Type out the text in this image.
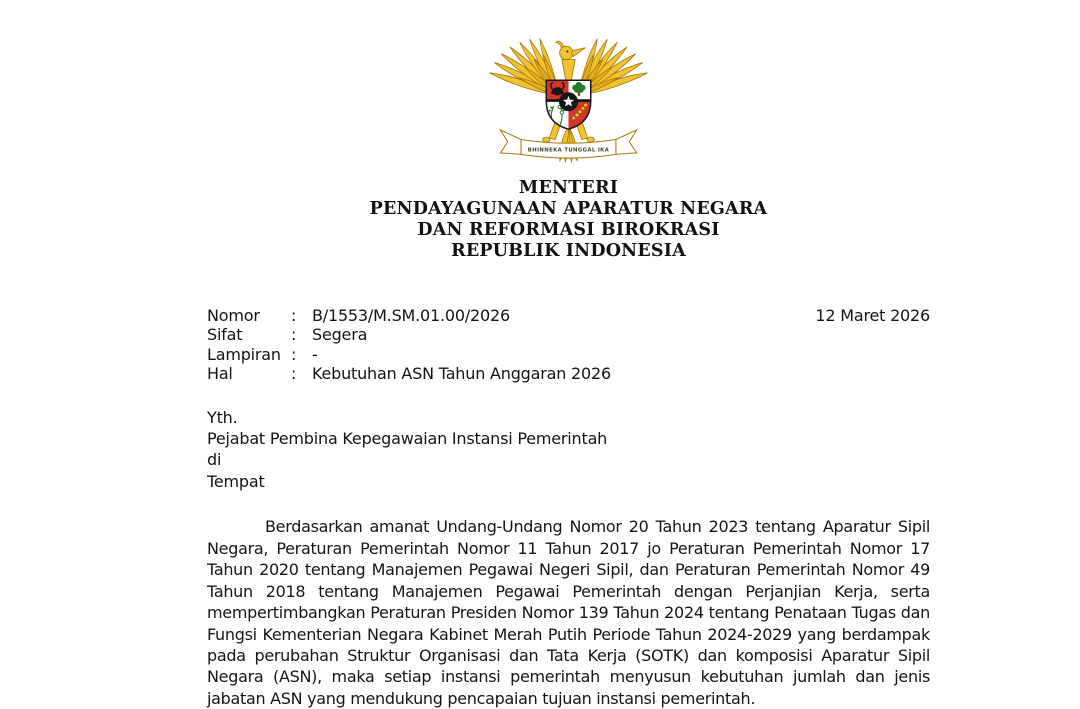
BHINNEKA TUNGGAL IKA
MENTERI
PENDAYAGUNAAN APARATUR NEGARA
DAN REFORMASI BIROKRASI
REPUBLIK INDONESIA
12 Maret 2026
Nomor	: B/1553/M.SM.01.00/2026
Sifat	: Segera
Lampiran : -
Hal	: Kebutuhan ASN Tahun Anggaran 2026
Yth.
Pejabat Pembina Kepegawaian Instansi Pemerintah
di
Tempat

Berdasarkan amanat Undang-Undang Nomor 20 Tahun 2023 tentang Aparatur Sipil Negara, Peraturan Pemerintah Nomor 11 Tahun 2017 jo Peraturan Pemerintah Nomor 17 Tahun 2020 tentang Manajemen Pegawai Negeri Sipil, dan Peraturan Pemerintah Nomor 49 Tahun 2018 tentang Manajemen Pegawai Pemerintah dengan Perjanjian Kerja, serta mempertimbangkan Peraturan Presiden Nomor 139 Tahun 2024 tentang Penataan Tugas dan Fungsi Kementerian Negara Kabinet Merah Putih Periode Tahun 2024-2029 yang berdampak pada perubahan Struktur Organisasi dan Tata Kerja (SOTK) dan komposisi Aparatur Sipil Negara (ASN), maka setiap instansi pemerintah menyusun kebutuhan jumlah dan jenis jabatan ASN yang mendukung pencapaian tujuan instansi pemerintah.
